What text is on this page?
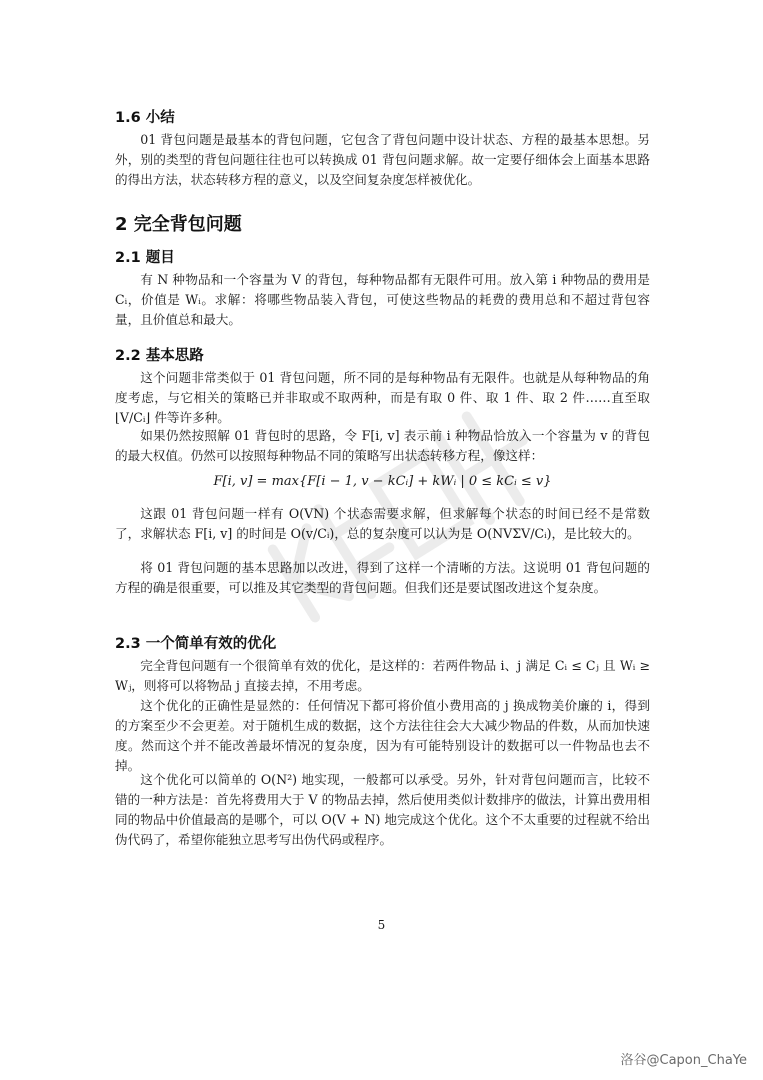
1.6 小结

01 背包问题是最基本的背包问题，它包含了背包问题中设计状态、方程的最基本思想。另外，别的类型的背包问题往往也可以转换成 01 背包问题求解。故一定要仔细体会上面基本思路的得出方法，状态转移方程的意义，以及空间复杂度怎样被优化。

2 完全背包问题
2.1 题目

有 N 种物品和一个容量为 V 的背包，每种物品都有无限件可用。放入第 i 种物品的费用是 Cᵢ，价值是 Wᵢ。求解：将哪些物品装入背包，可使这些物品的耗费的费用总和不超过背包容量，且价值总和最大。

2.2 基本思路

这个问题非常类似于 01 背包问题，所不同的是每种物品有无限件。也就是从每种物品的角度考虑，与它相关的策略已并非取或不取两种，而是有取 0 件、取 1 件、取 2 件……直至取 ⌊V/Cᵢ⌋ 件等许多种。

如果仍然按照解 01 背包时的思路，令 F[i, v] 表示前 i 种物品恰放入一个容量为 v 的背包的最大权值。仍然可以按照每种物品不同的策略写出状态转移方程，像这样：

F[i, v] = max{F[i − 1, v − kCᵢ] + kWᵢ | 0 ≤ kCᵢ ≤ v}

这跟 01 背包问题一样有 O(VN) 个状态需要求解，但求解每个状态的时间已经不是常数了，求解状态 F[i, v] 的时间是 O(v/Cᵢ)，总的复杂度可以认为是 O(NVΣV/Cᵢ)，是比较大的。

将 01 背包问题的基本思路加以改进，得到了这样一个清晰的方法。这说明 01 背包问题的方程的确是很重要，可以推及其它类型的背包问题。但我们还是要试图改进这个复杂度。

2.3 一个简单有效的优化

完全背包问题有一个很简单有效的优化，是这样的：若两件物品 i、j 满足 Cᵢ ≤ Cⱼ 且 Wᵢ ≥ Wⱼ，则将可以将物品 j 直接去掉，不用考虑。

这个优化的正确性是显然的：任何情况下都可将价值小费用高的 j 换成物美价廉的 i，得到的方案至少不会更差。对于随机生成的数据，这个方法往往会大大减少物品的件数，从而加快速度。然而这个并不能改善最坏情况的复杂度，因为有可能特别设计的数据可以一件物品也去不掉。

这个优化可以简单的 O(N²) 地实现，一般都可以承受。另外，针对背包问题而言，比较不错的一种方法是：首先将费用大于 V 的物品去掉，然后使用类似计数排序的做法，计算出费用相同的物品中价值最高的是哪个，可以 O(V + N) 地完成这个优化。这个不太重要的过程就不给出伪代码了，希望你能独立思考写出伪代码或程序。

5
洛谷@Capon_ChaYe
